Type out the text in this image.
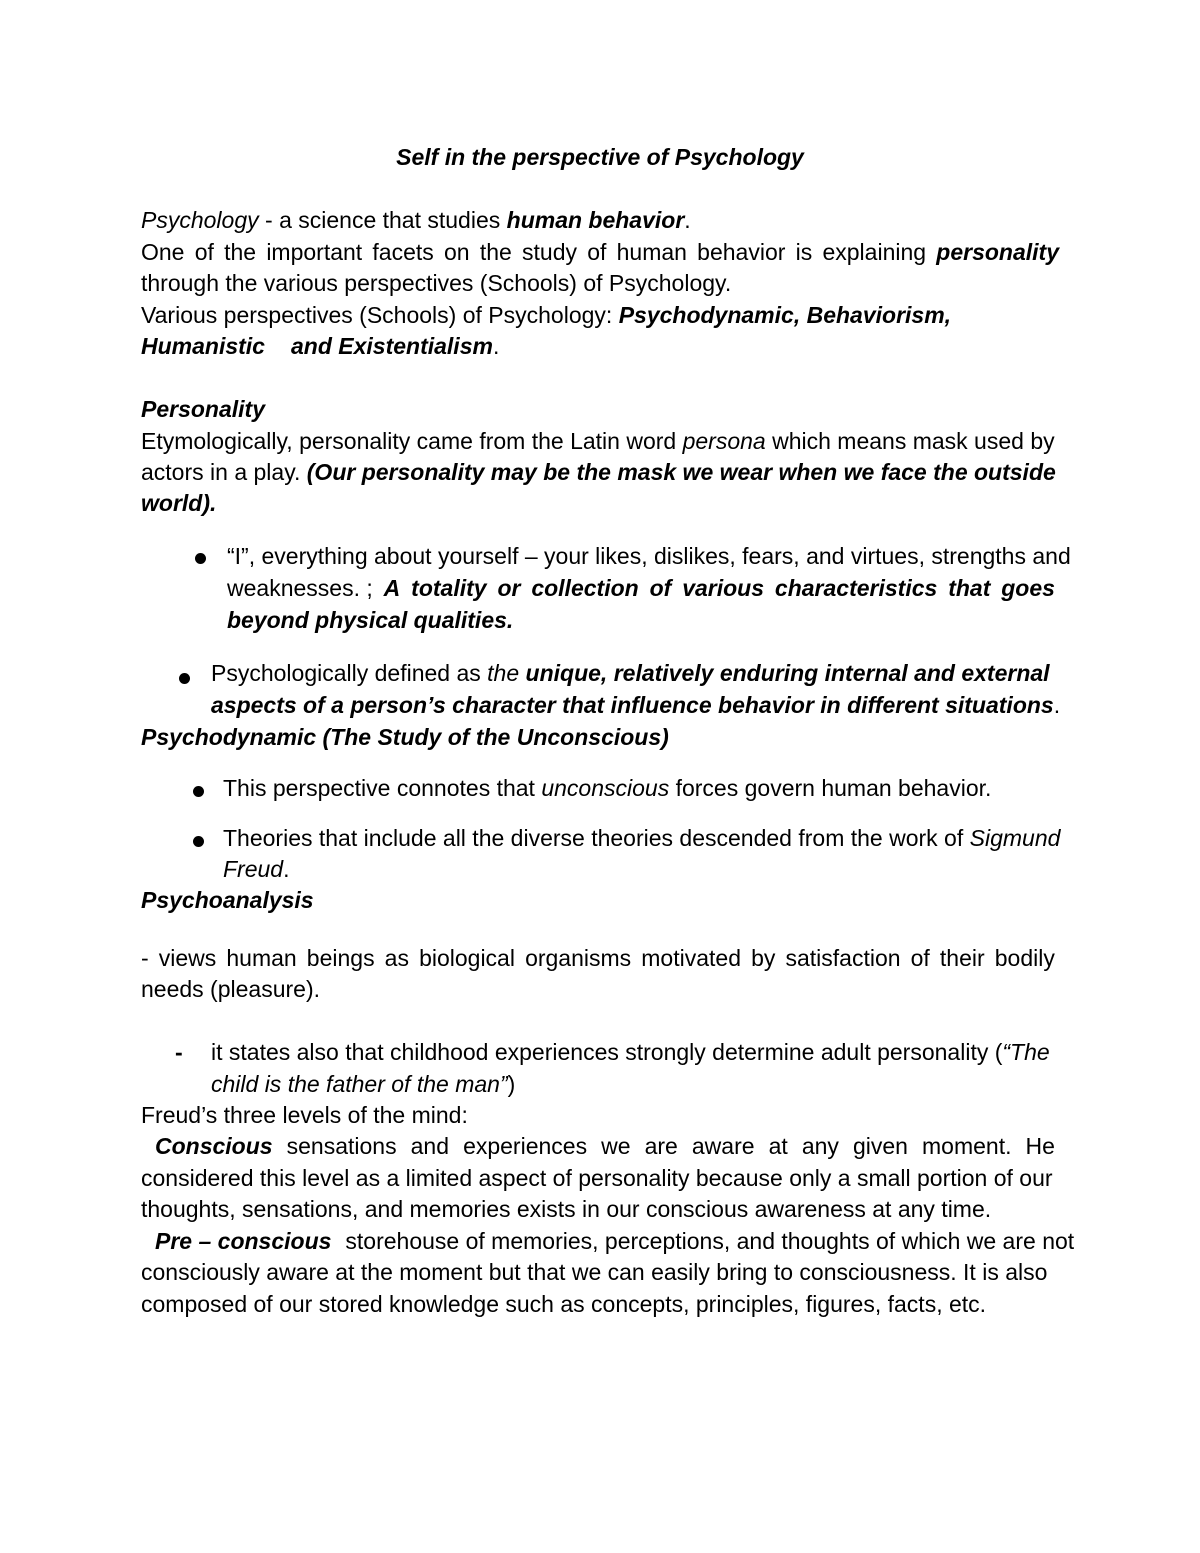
Self in the perspective of Psychology
Psychology - a science that studies human behavior.
One of the important facets on the study of human behavior is explaining personality
through the various perspectives (Schools) of Psychology.
Various perspectives (Schools) of Psychology: Psychodynamic, Behaviorism,
Humanistic and Existentialism.
Personality
Etymologically, personality came from the Latin word persona which means mask used by
actors in a play. (Our personality may be the mask we wear when we face the outside
world).
“I”, everything about yourself – your likes, dislikes, fears, and virtues, strengths and
weaknesses. ; A totality or collection of various characteristics that goes
beyond physical qualities.
Psychologically defined as the unique, relatively enduring internal and external
aspects of a person’s character that influence behavior in different situations.
Psychodynamic (The Study of the Unconscious)
This perspective connotes that unconscious forces govern human behavior.
Theories that include all the diverse theories descended from the work of Sigmund
Freud.
Psychoanalysis
- views human beings as biological organisms motivated by satisfaction of their bodily
needs (pleasure).
- it states also that childhood experiences strongly determine adult personality (“The
child is the father of the man”)
Freud’s three levels of the mind:
Conscious sensations and experiences we are aware at any given moment. He
considered this level as a limited aspect of personality because only a small portion of our
thoughts, sensations, and memories exists in our conscious awareness at any time.
Pre – conscious storehouse of memories, perceptions, and thoughts of which we are not
consciously aware at the moment but that we can easily bring to consciousness. It is also
composed of our stored knowledge such as concepts, principles, figures, facts, etc.
